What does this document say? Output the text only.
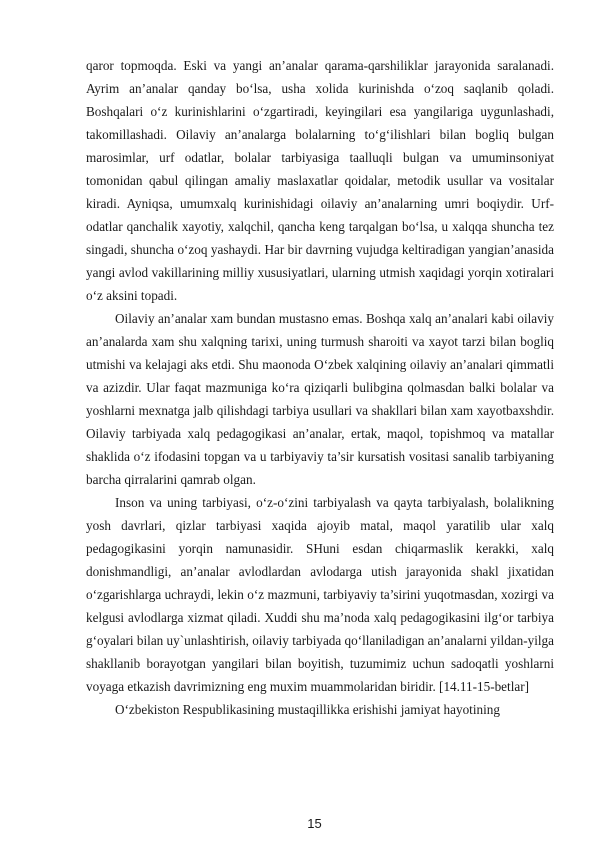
qaror topmoqda. Eski va yangi an’analar qarama-qarshiliklar jarayonida saralanadi. Ayrim an’analar qanday bo‘lsa, usha xolida kurinishda o‘zoq saqlanib qoladi. Boshqalari o‘z kurinishlarini o‘zgartiradi, keyingilari esa yangilariga uygunlashadi, takomillashadi. Oilaviy an’analarga bolalarning to‘g‘ilishlari bilan bogliq bulgan marosimlar, urf odatlar, bolalar tarbiyasiga taalluqli bulgan va umuminsoniyat tomonidan qabul qilingan amaliy maslaxatlar qoidalar, metodik usullar va vositalar kiradi. Ayniqsa, umumxalq kurinishidagi oilaviy an’analarning umri boqiydir. Urf-odatlar qanchalik xayotiy, xalqchil, qancha keng tarqalgan bo‘lsa, u xalqqa shuncha tez singadi, shuncha o‘zoq yashaydi. Har bir davrning vujudga keltiradigan yangian’anasida yangi avlod vakillarining milliy xususiyatlari, ularning utmish xaqidagi yorqin xotiralari o‘z aksini topadi.

Oilaviy an’analar xam bundan mustasno emas. Boshqa xalq an’analari kabi oilaviy an’analarda xam shu xalqning tarixi, uning turmush sharoiti va xayot tarzi bilan bogliq utmishi va kelajagi aks etdi. Shu maonoda O‘zbek xalqining oilaviy an’analari qimmatli va azizdir. Ular faqat mazmuniga ko‘ra qiziqarli bulibgina qolmasdan balki bolalar va yoshlarni mexnatga jalb qilishdagi tarbiya usullari va shakllari bilan xam xayotbaxshdir. Oilaviy tarbiyada xalq pedagogikasi an’analar, ertak, maqol, topishmoq va matallar shaklida o‘z ifodasini topgan va u tarbiyaviy ta’sir kursatish vositasi sanalib tarbiyaning barcha qirralarini qamrab olgan.

Inson va uning tarbiyasi, o‘z-o‘zini tarbiyalash va qayta tarbiyalash, bolalikning yosh davrlari, qizlar tarbiyasi xaqida ajoyib matal, maqol yaratilib ular xalq pedagogikasini yorqin namunasidir. SHuni esdan chiqarmaslik kerakki, xalq donishmandligi, an’analar avlodlardan avlodarga utish jarayonida shakl jixatidan o‘zgarishlarga uchraydi, lekin o‘z mazmuni, tarbiyaviy ta’sirini yuqotmasdan, xozirgi va kelgusi avlodlarga xizmat qiladi. Xuddi shu ma’noda xalq pedagogikasini ilg‘or tarbiya g‘oyalari bilan uy`unlashtirish, oilaviy tarbiyada qo‘llaniladigan an’analarni yildan-yilga shakllanib borayotgan yangilari bilan boyitish, tuzumimiz uchun sadoqatli yoshlarni voyaga etkazish davrimizning eng muxim muammolaridan biridir. [14.11-15-betlar]

O‘zbekiston Respublikasining mustaqillikka erishishi jamiyat hayotining

15
